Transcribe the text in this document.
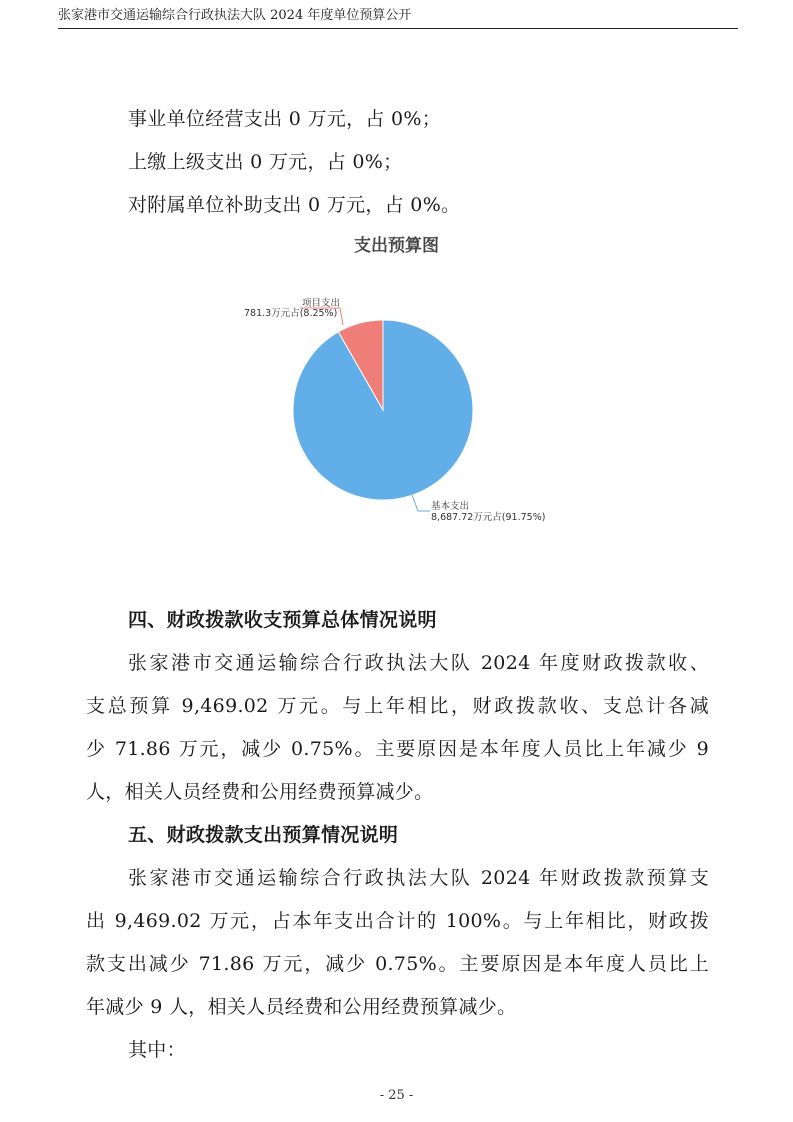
张家港市交通运输综合行政执法大队 2024 年度单位预算公开
事业单位经营支出 0 万元，占 0%；
上缴上级支出 0 万元，占 0%；
对附属单位补助支出 0 万元，占 0%。
支出预算图
项目支出
781.3万元占(8.25%)
基本支出
8,687.72万元占(91.75%)
四、财政拨款收支预算总体情况说明
张家港市交通运输综合行政执法大队 2024 年度财政拨款收、
支总预算 9,469.02 万元。与上年相比，财政拨款收、支总计各减
少 71.86 万元，减少 0.75%。主要原因是本年度人员比上年减少 9
人，相关人员经费和公用经费预算减少。
五、财政拨款支出预算情况说明
张家港市交通运输综合行政执法大队 2024 年财政拨款预算支
出 9,469.02 万元，占本年支出合计的 100%。与上年相比，财政拨
款支出减少 71.86 万元，减少 0.75%。主要原因是本年度人员比上
年减少 9 人，相关人员经费和公用经费预算减少。
其中：
- 25 -
